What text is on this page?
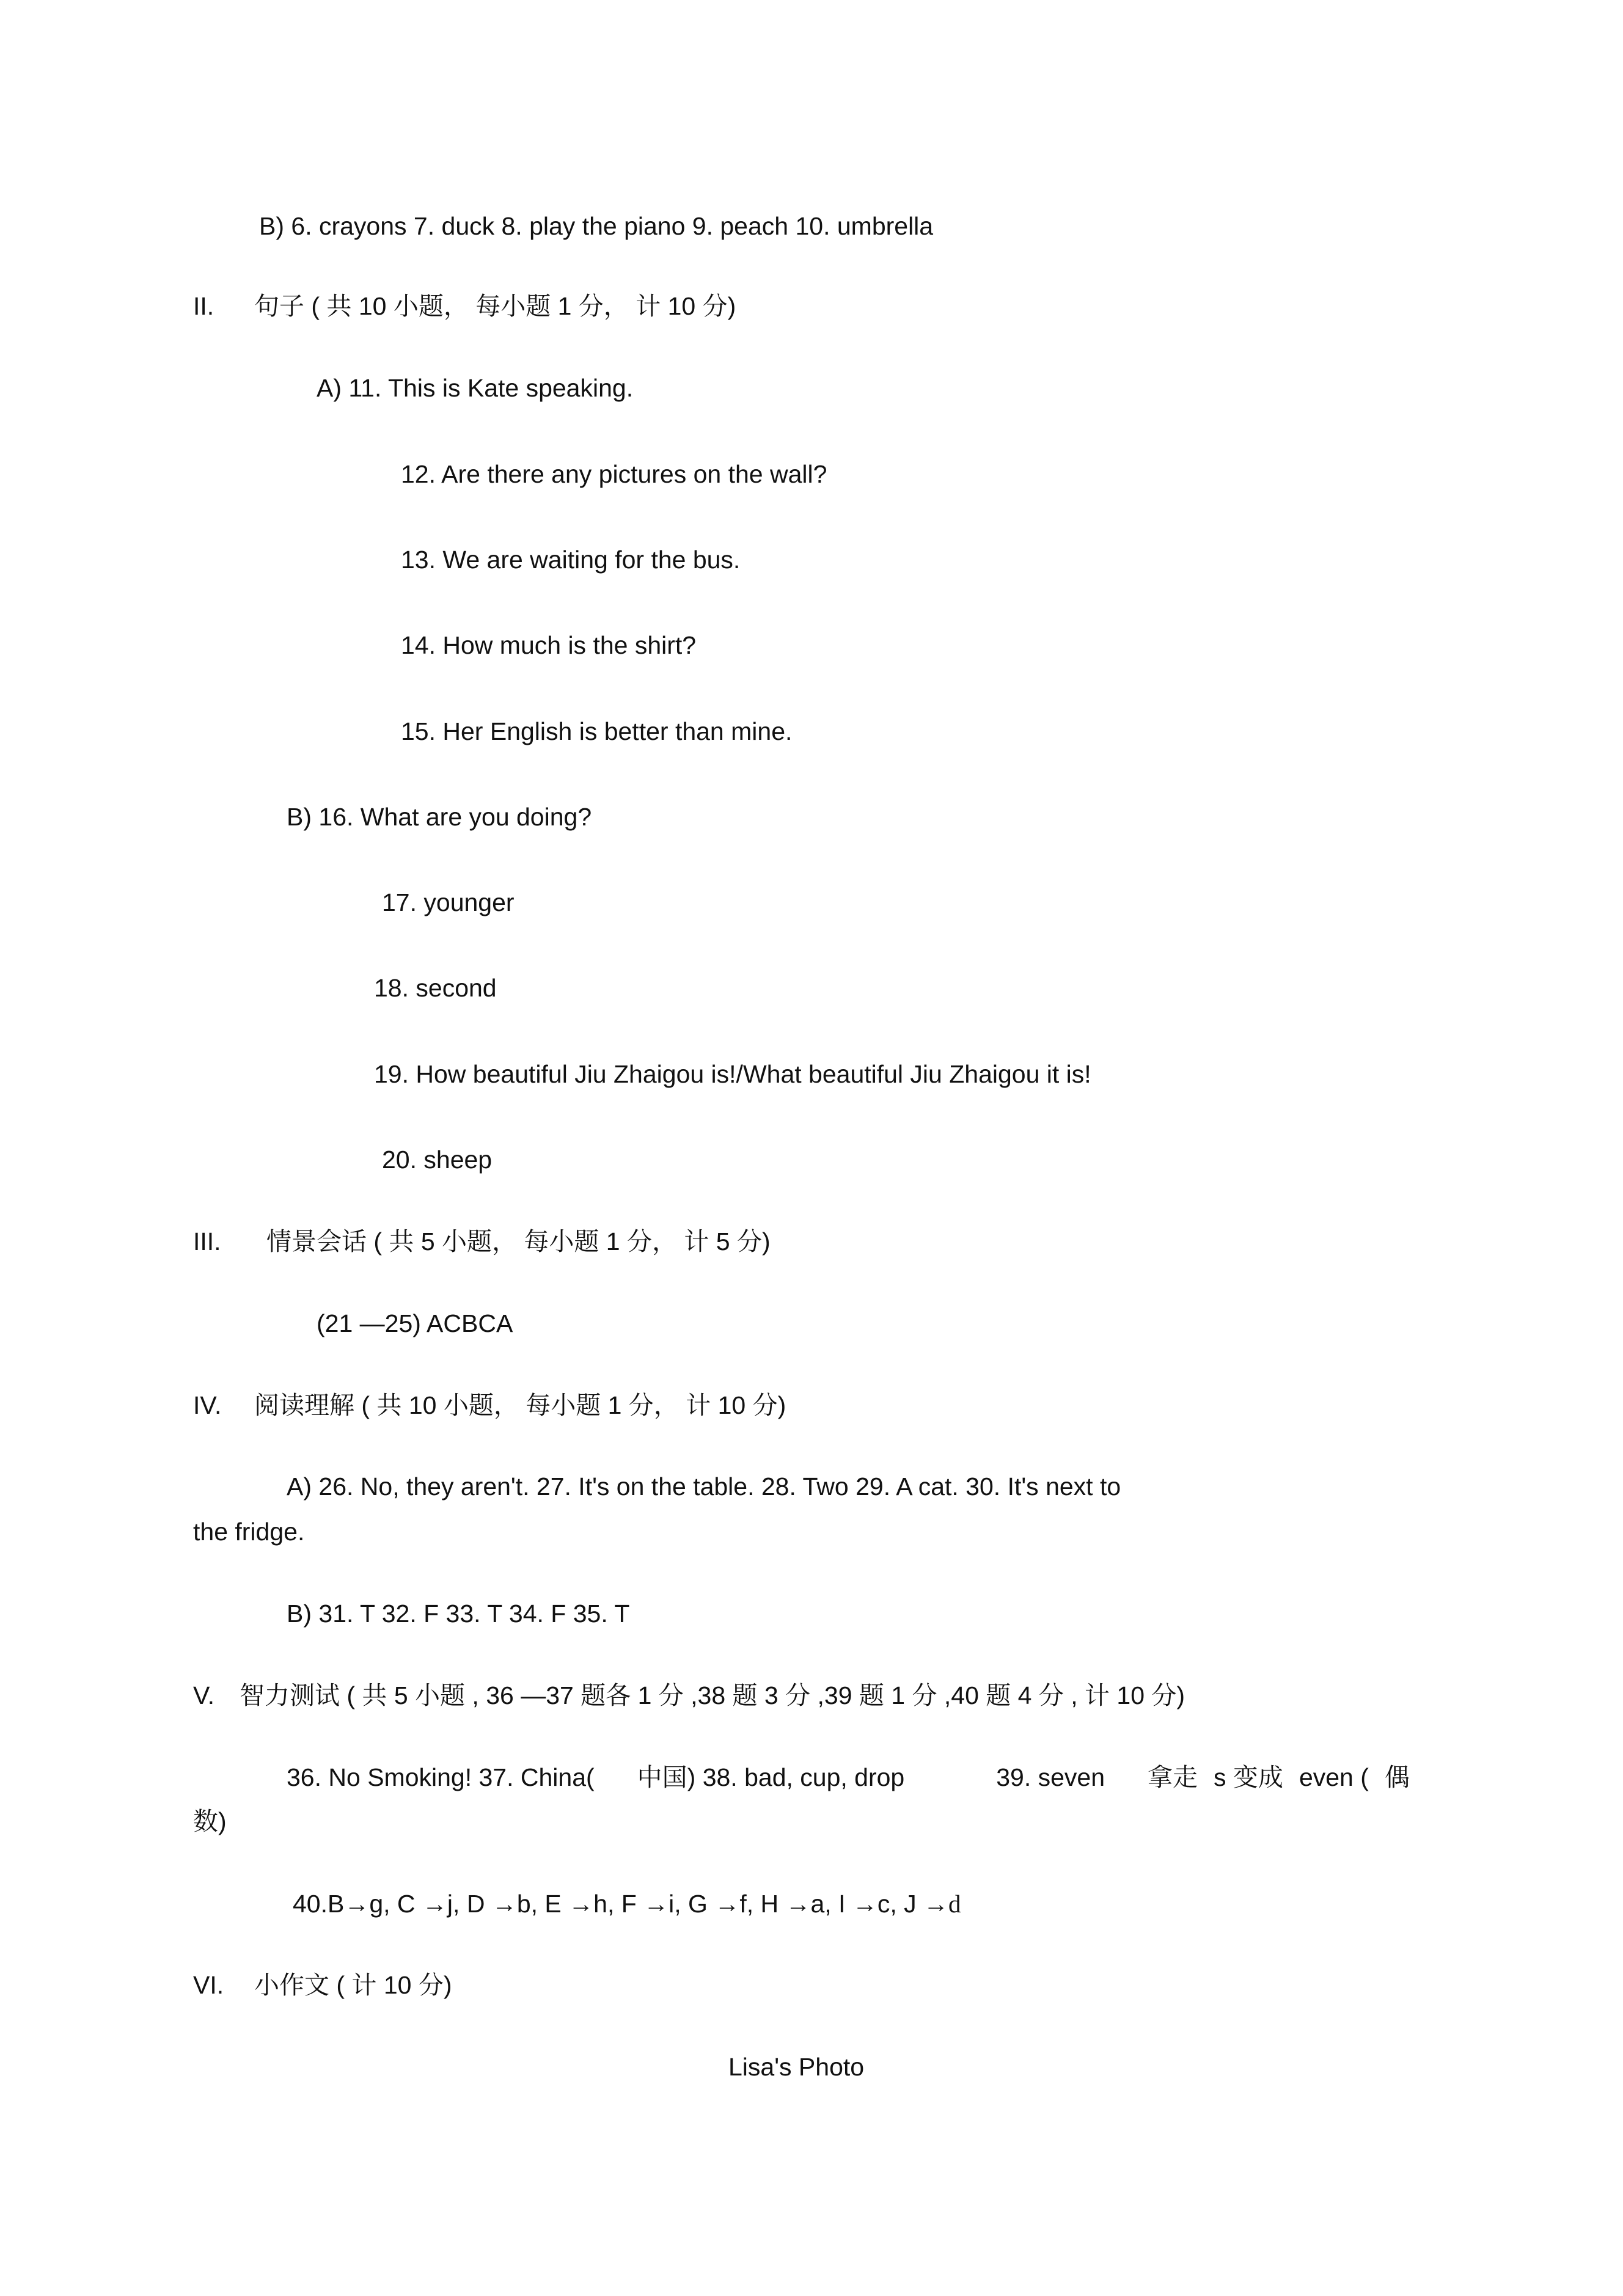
B) 6. crayons 7. duck 8. play the piano 9. peach 10. umbrella
II. 句子 ( 共 10 小题， 每小题 1 分， 计 10 分)
A) 11. This is Kate speaking.
12. Are there any pictures on the wall?
13. We are waiting for the bus.
14. How much is the shirt?
15. Her English is better than mine.
B) 16. What are you doing?
17. younger
18. second
19. How beautiful Jiu Zhaigou is!/What beautiful Jiu Zhaigou it is!
20. sheep
III. 情景会话 ( 共 5 小题， 每小题 1 分， 计 5 分)
(21 —25) ACBCA
IV. 阅读理解 ( 共 10 小题， 每小题 1 分， 计 10 分)
A) 26. No, they aren't. 27. It's on the table. 28. Two 29. A cat. 30. It's next to
the fridge.
B) 31. T 32. F 33. T 34. F 35. T
V. 智力测试 ( 共 5 小题 , 36 —37 题各 1 分 ,38 题 3 分 ,39 题 1 分 ,40 题 4 分 , 计 10 分)
36. No Smoking! 37. China( 中国) 38. bad, cup, drop	39. seven 拿走 s 变成 even ( 偶
数)
40.B→g, C →j, D →b, E →h, F →i, G →f, H →a, I →c, J →d
VI. 小作文 ( 计 10 分)
Lisa's Photo
